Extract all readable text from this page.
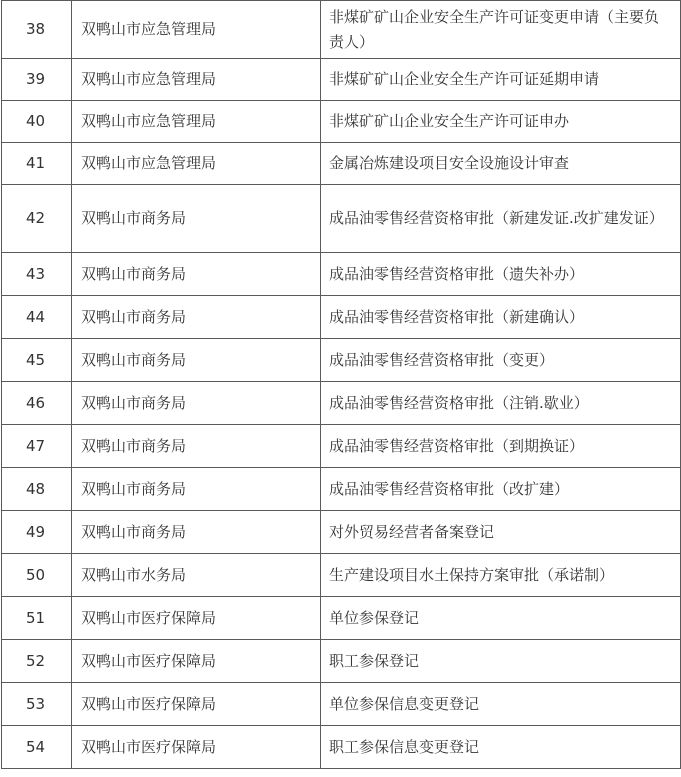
38	双鸭山市应急管理局	非煤矿矿山企业安全生产许可证变更申请（主要负责人）
39	双鸭山市应急管理局	非煤矿矿山企业安全生产许可证延期申请
40	双鸭山市应急管理局	非煤矿矿山企业安全生产许可证申办
41	双鸭山市应急管理局	金属冶炼建设项目安全设施设计审查
42	双鸭山市商务局	成品油零售经营资格审批（新建发证.改扩建发证）
43	双鸭山市商务局	成品油零售经营资格审批（遗失补办）
44	双鸭山市商务局	成品油零售经营资格审批（新建确认）
45	双鸭山市商务局	成品油零售经营资格审批（变更）
46	双鸭山市商务局	成品油零售经营资格审批（注销.歇业）
47	双鸭山市商务局	成品油零售经营资格审批（到期换证）
48	双鸭山市商务局	成品油零售经营资格审批（改扩建）
49	双鸭山市商务局	对外贸易经营者备案登记
50	双鸭山市水务局	生产建设项目水土保持方案审批（承诺制）
51	双鸭山市医疗保障局	单位参保登记
52	双鸭山市医疗保障局	职工参保登记
53	双鸭山市医疗保障局	单位参保信息变更登记
54	双鸭山市医疗保障局	职工参保信息变更登记
